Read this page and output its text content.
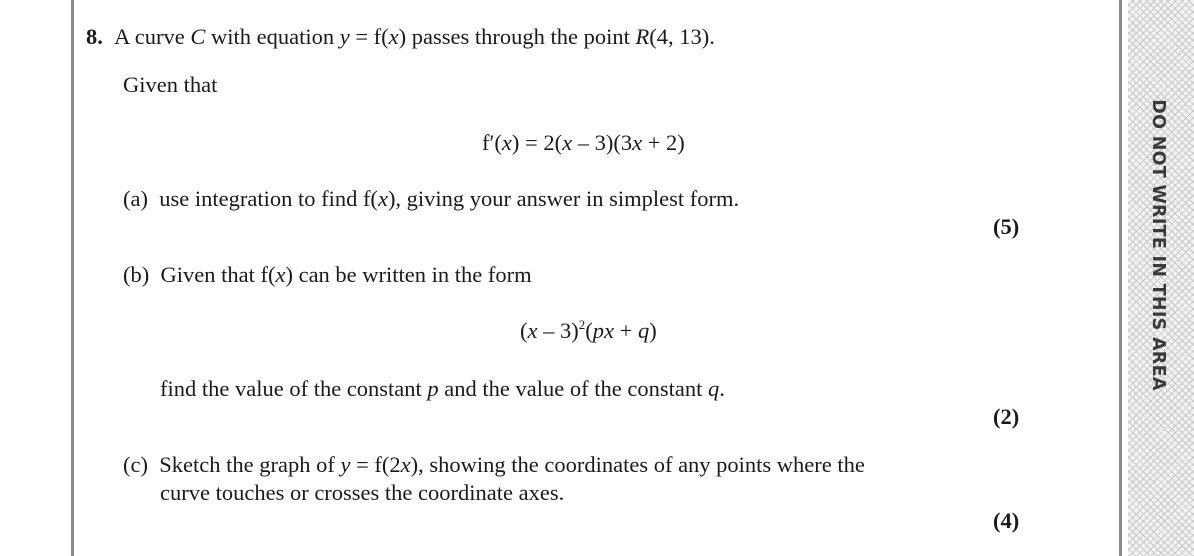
DO NOT WRITE IN THIS AREA
8. A curve C with equation y = f(x) passes through the point R(4, 13).
Given that
f′(x) = 2(x – 3)(3x + 2)
(a) use integration to find f(x), giving your answer in simplest form.
(5)
(b) Given that f(x) can be written in the form
(x – 3)$^2$(px + q)
find the value of the constant p and the value of the constant q.
(2)
(c) Sketch the graph of y = f(2x), showing the coordinates of any points where the
curve touches or crosses the coordinate axes.
(4)
